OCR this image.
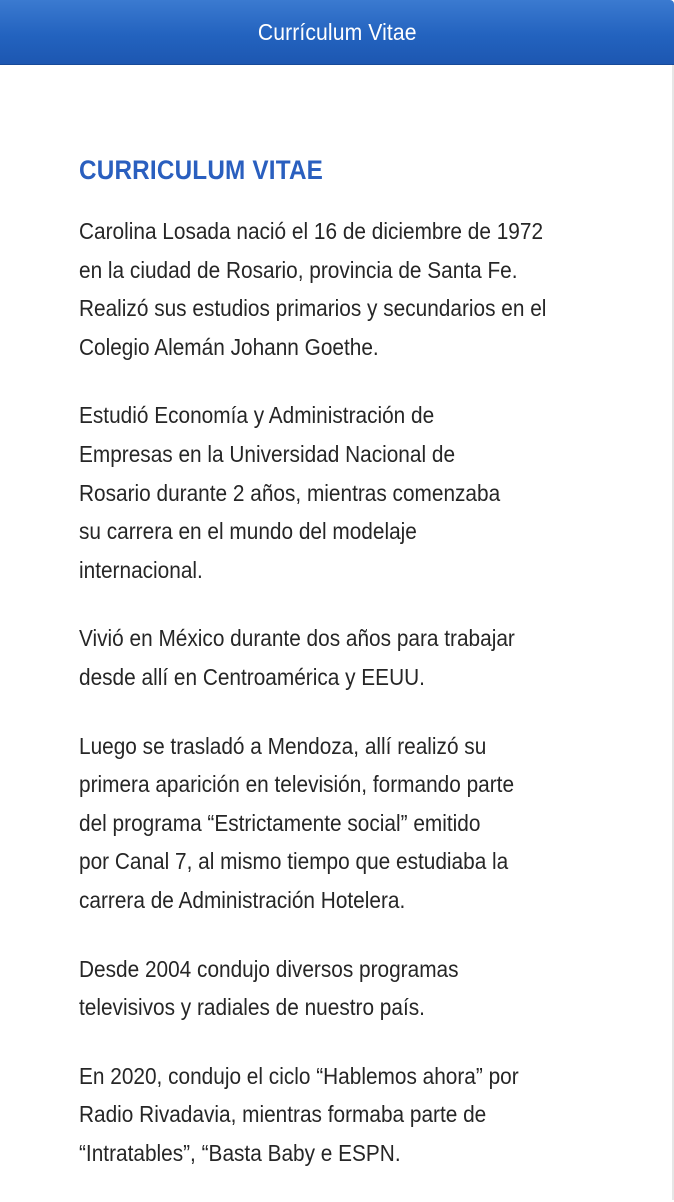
Currículum Vitae
CURRICULUM VITAE

Carolina Losada nació el 16 de diciembre de 1972
en la ciudad de Rosario, provincia de Santa Fe.
Realizó sus estudios primarios y secundarios en el
Colegio Alemán Johann Goethe.

Estudió Economía y Administración de
Empresas en la Universidad Nacional de
Rosario durante 2 años, mientras comenzaba
su carrera en el mundo del modelaje
internacional.

Vivió en México durante dos años para trabajar
desde allí en Centroamérica y EEUU.

Luego se trasladó a Mendoza, allí realizó su
primera aparición en televisión, formando parte
del programa “Estrictamente social” emitido
por Canal 7, al mismo tiempo que estudiaba la
carrera de Administración Hotelera.

Desde 2004 condujo diversos programas
televisivos y radiales de nuestro país.

En 2020, condujo el ciclo “Hablemos ahora” por
Radio Rivadavia, mientras formaba parte de
“Intratables”, “Basta Baby e ESPN.
